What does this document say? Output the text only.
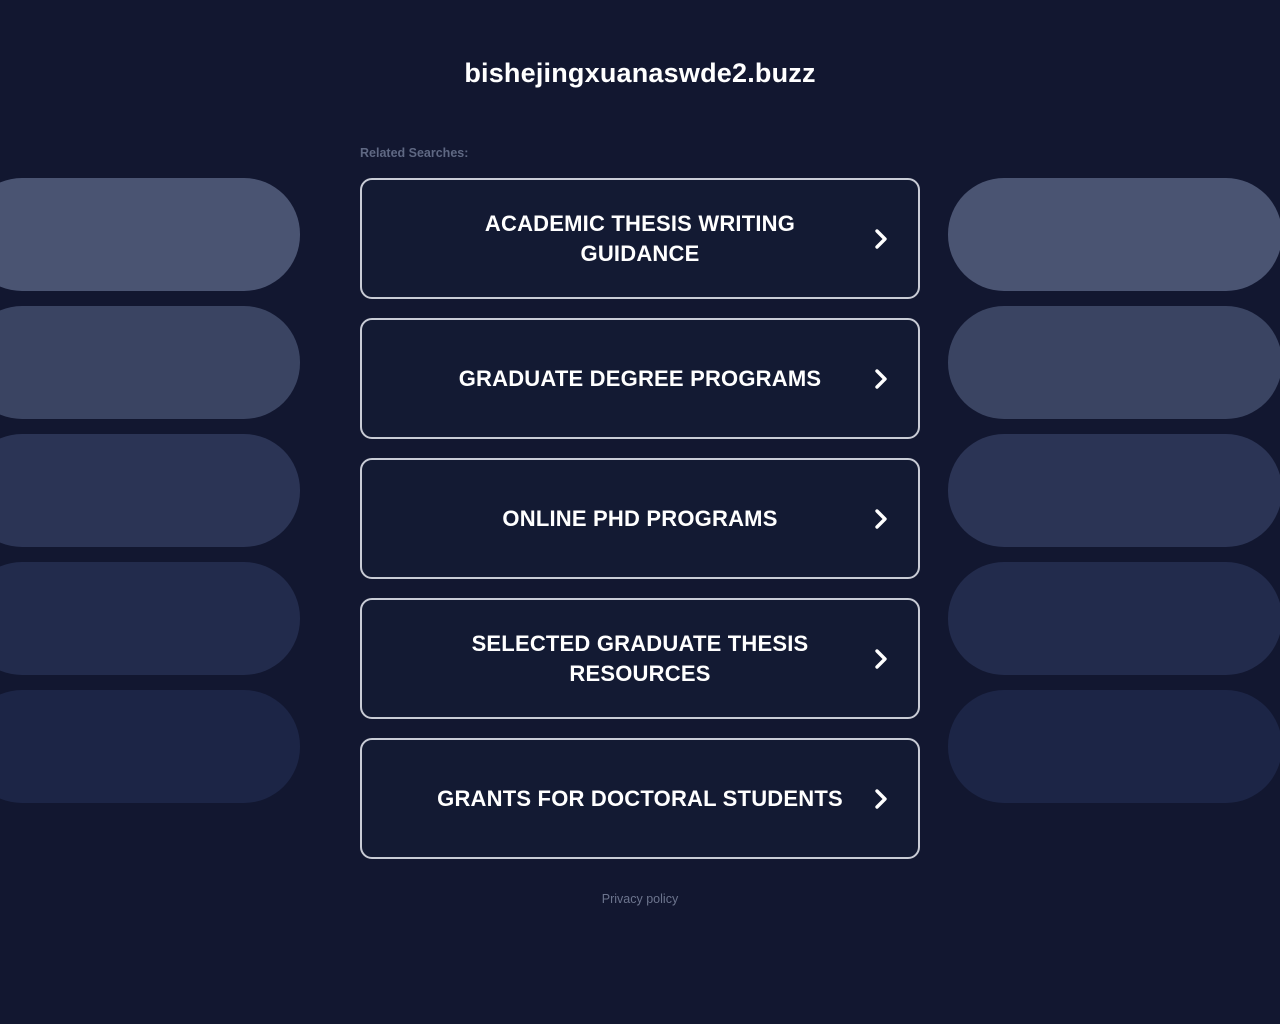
bishejingxuanaswde2.buzz
Related Searches:
ACADEMIC THESIS WRITING GUIDANCE
GRADUATE DEGREE PROGRAMS
ONLINE PHD PROGRAMS
SELECTED GRADUATE THESIS RESOURCES
GRANTS FOR DOCTORAL STUDENTS
Privacy policy
